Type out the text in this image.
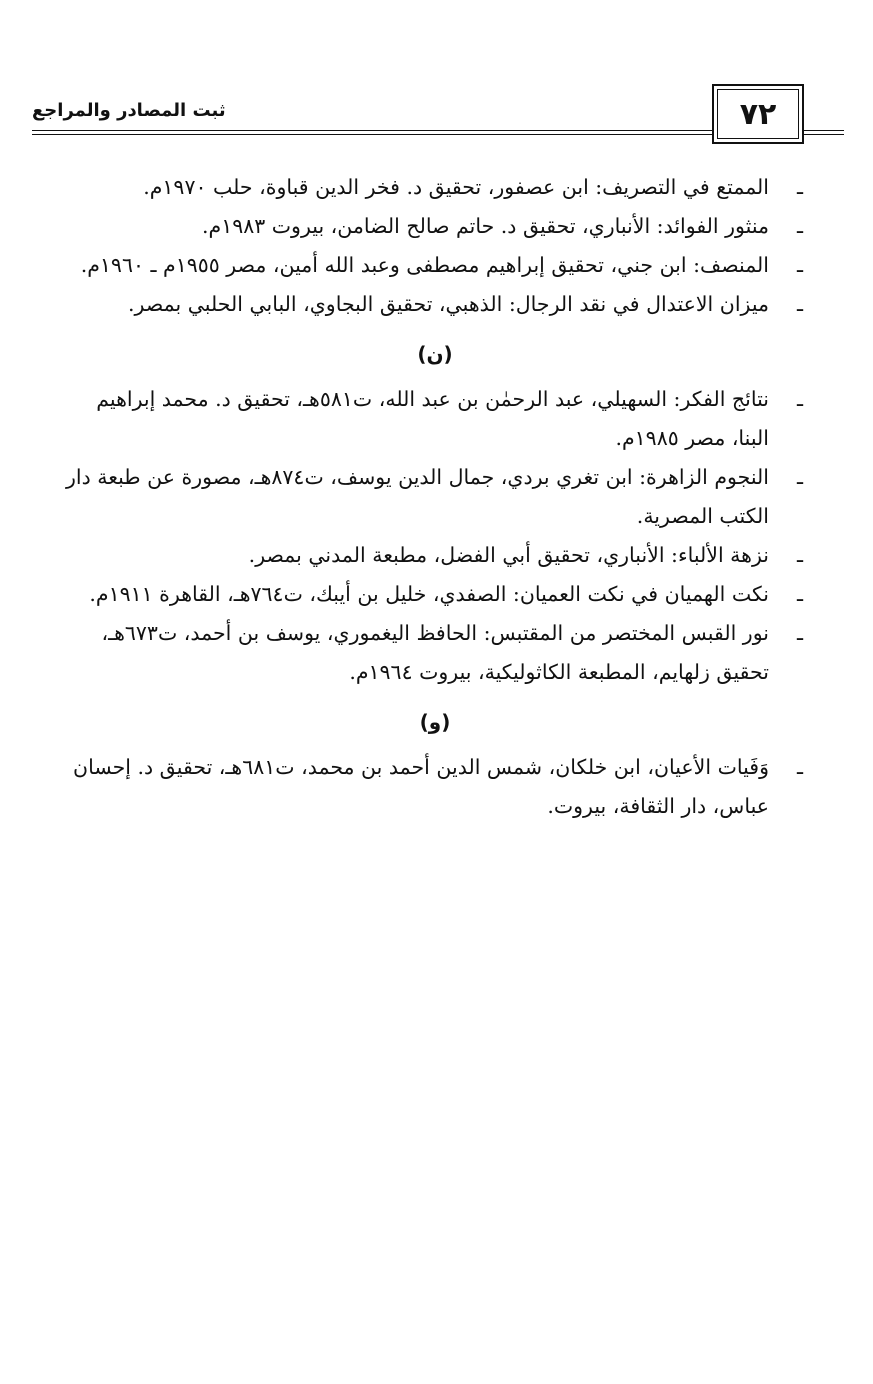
٧٢
ثبت المصادر والمراجع
ـ
الممتع في التصريف: ابن عصفور، تحقيق د. فخر الدين قباوة، حلب ١٩٧٠م.
ـ
منثور الفوائد: الأنباري، تحقيق د. حاتم صالح الضامن، بيروت ١٩٨٣م.
ـ
المنصف: ابن جني، تحقيق إبراهيم مصطفى وعبد الله أمين، مصر ١٩٥٥م ـ ١٩٦٠م.
ـ
ميزان الاعتدال في نقد الرجال: الذهبي، تحقيق البجاوي، البابي الحلبي بمصر.
(ن)
ـ
نتائج الفكر: السهيلي، عبد الرحمٰن بن عبد الله، ت٥٨١هـ، تحقيق د. محمد إبراهيم البنا، مصر ١٩٨٥م.
ـ
النجوم الزاهرة: ابن تغري بردي، جمال الدين يوسف، ت٨٧٤هـ، مصورة عن طبعة دار الكتب المصرية.
ـ
نزهة الألباء: الأنباري، تحقيق أبي الفضل، مطبعة المدني بمصر.
ـ
نكت الهميان في نكت العميان: الصفدي، خليل بن أيبك، ت٧٦٤هـ، القاهرة ١٩١١م.
ـ
نور القبس المختصر من المقتبس: الحافظ اليغموري، يوسف بن أحمد، ت٦٧٣هـ، تحقيق زلهايم، المطبعة الكاثوليكية، بيروت ١٩٦٤م.
(و)
ـ
وَفَيات الأعيان، ابن خلكان، شمس الدين أحمد بن محمد، ت٦٨١هـ، تحقيق د. إحسان عباس، دار الثقافة، بيروت.
